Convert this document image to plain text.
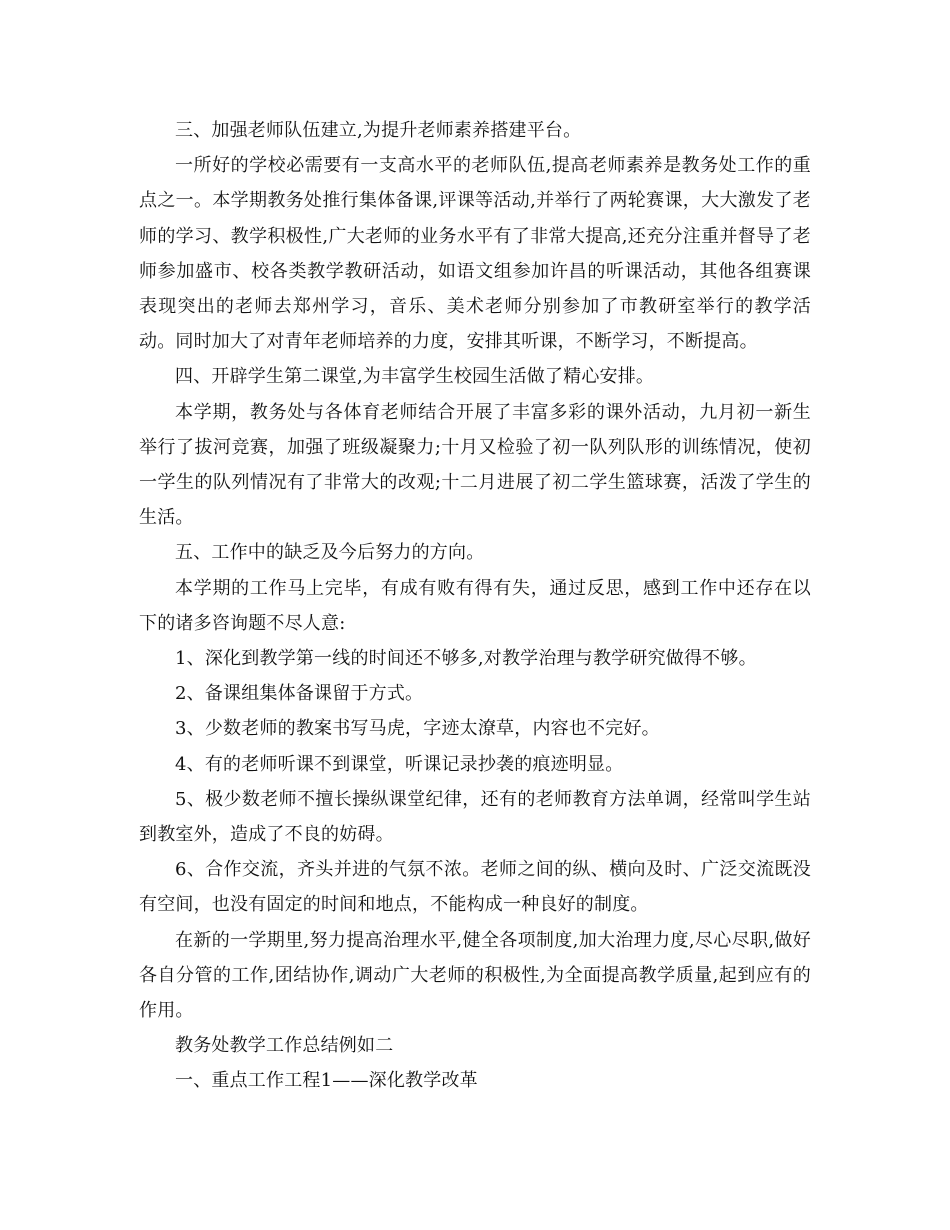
三、加强老师队伍建立,为提升老师素养搭建平台。

一所好的学校必需要有一支高水平的老师队伍,提高老师素养是教务处工作的重点之一。本学期教务处推行集体备课,评课等活动,并举行了两轮赛课，大大激发了老师的学习、教学积极性,广大老师的业务水平有了非常大提高,还充分注重并督导了老师参加盛市、校各类教学教研活动，如语文组参加许昌的听课活动，其他各组赛课表现突出的老师去郑州学习，音乐、美术老师分别参加了市教研室举行的教学活动。同时加大了对青年老师培养的力度，安排其听课，不断学习，不断提高。

四、开辟学生第二课堂,为丰富学生校园生活做了精心安排。

本学期，教务处与各体育老师结合开展了丰富多彩的课外活动，九月初一新生举行了拔河竞赛，加强了班级凝聚力;十月又检验了初一队列队形的训练情况，使初一学生的队列情况有了非常大的改观;十二月进展了初二学生篮球赛，活泼了学生的生活。

五、工作中的缺乏及今后努力的方向。

本学期的工作马上完毕，有成有败有得有失，通过反思，感到工作中还存在以下的诸多咨询题不尽人意:

1、深化到教学第一线的时间还不够多,对教学治理与教学研究做得不够。

2、备课组集体备课留于方式。

3、少数老师的教案书写马虎，字迹太潦草，内容也不完好。

4、有的老师听课不到课堂，听课记录抄袭的痕迹明显。

5、极少数老师不擅长操纵课堂纪律，还有的老师教育方法单调，经常叫学生站到教室外，造成了不良的妨碍。

6、合作交流，齐头并进的气氛不浓。老师之间的纵、横向及时、广泛交流既没有空间，也没有固定的时间和地点，不能构成一种良好的制度。

在新的一学期里,努力提高治理水平,健全各项制度,加大治理力度,尽心尽职,做好各自分管的工作,团结协作,调动广大老师的积极性,为全面提高教学质量,起到应有的作用。

教务处教学工作总结例如二

一、重点工作工程1——深化教学改革
